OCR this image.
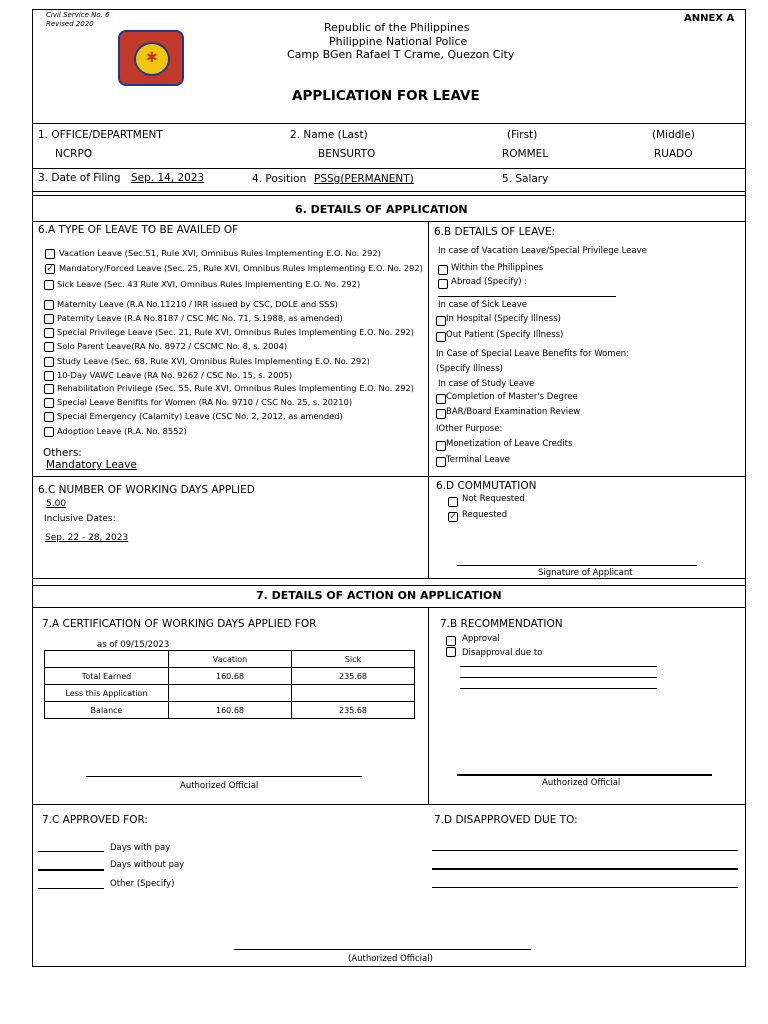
Civil Service No. 6
Revised 2020	ANNEX A
✱
Republic of the Philippines
Philippine National Police
Camp BGen Rafael T Crame, Quezon City
APPLICATION FOR LEAVE
1. OFFICE/DEPARTMENT
NCRPO
2. Name (Last)
BENSURTO
(First)
ROMMEL
(Middle)
RUADO
3. Date of Filing Sep. 14, 2023	4. Position PSSg(PERMANENT)	5. Salary
6. DETAILS OF APPLICATION
6.A TYPE OF LEAVE TO BE AVAILED OF
Vacation Leave (Sec.51, Rule XVI, Omnibus Rules Implementing E.O. No. 292)
✓ Mandatory/Forced Leave (Sec. 25, Rule XVI, Omnibus Rules Implementing E.O. No. 292)
Sick Leave (Sec. 43 Rule XVI, Omnibus Rules Implementing E.O. No. 292)
Maternity Leave (R.A No.11210 / IRR issued by CSC, DOLE and SSS)
Paternity Leave (R.A No.8187 / CSC MC No. 71, S.1988, as amended)
Special Privilege Leave (Sec. 21, Rule XVI, Omnibus Rules Implementing E.O. No. 292)
Solo Parent Leave(RA No. 8972 / CSCMC No. 8, s. 2004)
Study Leave (Sec. 68, Rule XVI, Omnibus Rules Implementing E.O. No. 292)
10-Day VAWC Leave (RA No. 9262 / CSC No. 15, s. 2005)
Rehabilitation Privilege (Sec. 55, Rule XVI, Omnibus Rules Implementing E.O. No. 292)
Special Leave Benifits for Women (RA No. 9710 / CSC No. 25, s. 20210)
Special Emergency (Calamity) Leave (CSC No. 2, 2012, as amended)
Adoption Leave (R.A. No. 8552)
Others:
Mandatory Leave
6.B DETAILS OF LEAVE:
In case of Vacation Leave/Special Privilege Leave
Within the Philippines
Abroad (Specify) :
In case of Sick Leave
In Hospital (Specify Illness)
Out Patient (Specify Illness)
In Case of Special Leave Benefits for Women:
(Specify Illness)
In case of Study Leave
Completion of Master's Degree
BAR/Board Examination Review
IOther Purpose:
Monetization of Leave Credits
Terminal Leave
6.C NUMBER OF WORKING DAYS APPLIED
5.00
Inclusive Dates:
Sep. 22 - 28, 2023
6.D COMMUTATION
Not Requested
✓ Requested
Signature of Applicant
7. DETAILS OF ACTION ON APPLICATION
7.A CERTIFICATION OF WORKING DAYS APPLIED FOR
as of 09/15/2023
	Vacation	Sick
Total Earned	160.68	235.68
Less this Application		
Balance	160.68	235.68
Authorized Official
7.B RECOMMENDATION
Approval
Disapproval due to
Authorized Official
7.C APPROVED FOR:
Days with pay
Days without pay
Other (Specify)
7.D DISAPPROVED DUE TO:
(Authorized Official)
